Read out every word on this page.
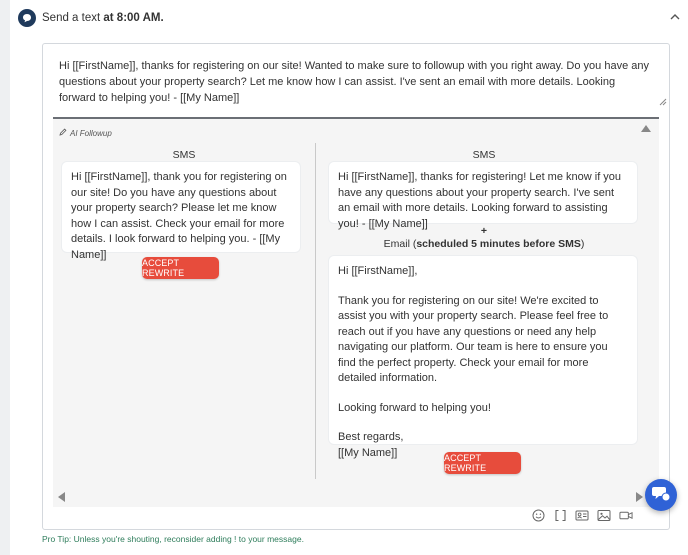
Send a text at 8:00 AM.
Hi [[FirstName]], thanks for registering on our site! Wanted to make sure to followup with you right away. Do you have any questions about your property search? Let me know how I can assist. I've sent an email with more details. Looking forward to helping you! - [[My Name]]
AI Followup
SMS
Hi [[FirstName]], thank you for registering on our site! Do you have any questions about your property search? Please let me know how I can assist. Check your email for more details. I look forward to helping you. - [[My Name]]
ACCEPT REWRITE
SMS
Hi [[FirstName]], thanks for registering! Let me know if you have any questions about your property search. I've sent an email with more details. Looking forward to assisting you! - [[My Name]]
+
Email (scheduled 5 minutes before SMS)
Hi [[FirstName]],
Thank you for registering on our site! We're excited to assist you with your property search. Please feel free to reach out if you have any questions or need any help navigating our platform. Our team is here to ensure you find the perfect property. Check your email for more detailed information.
Looking forward to helping you!
Best regards,
[[My Name]]	ACCEPT REWRITE
Pro Tip: Unless you're shouting, reconsider adding ! to your message.
